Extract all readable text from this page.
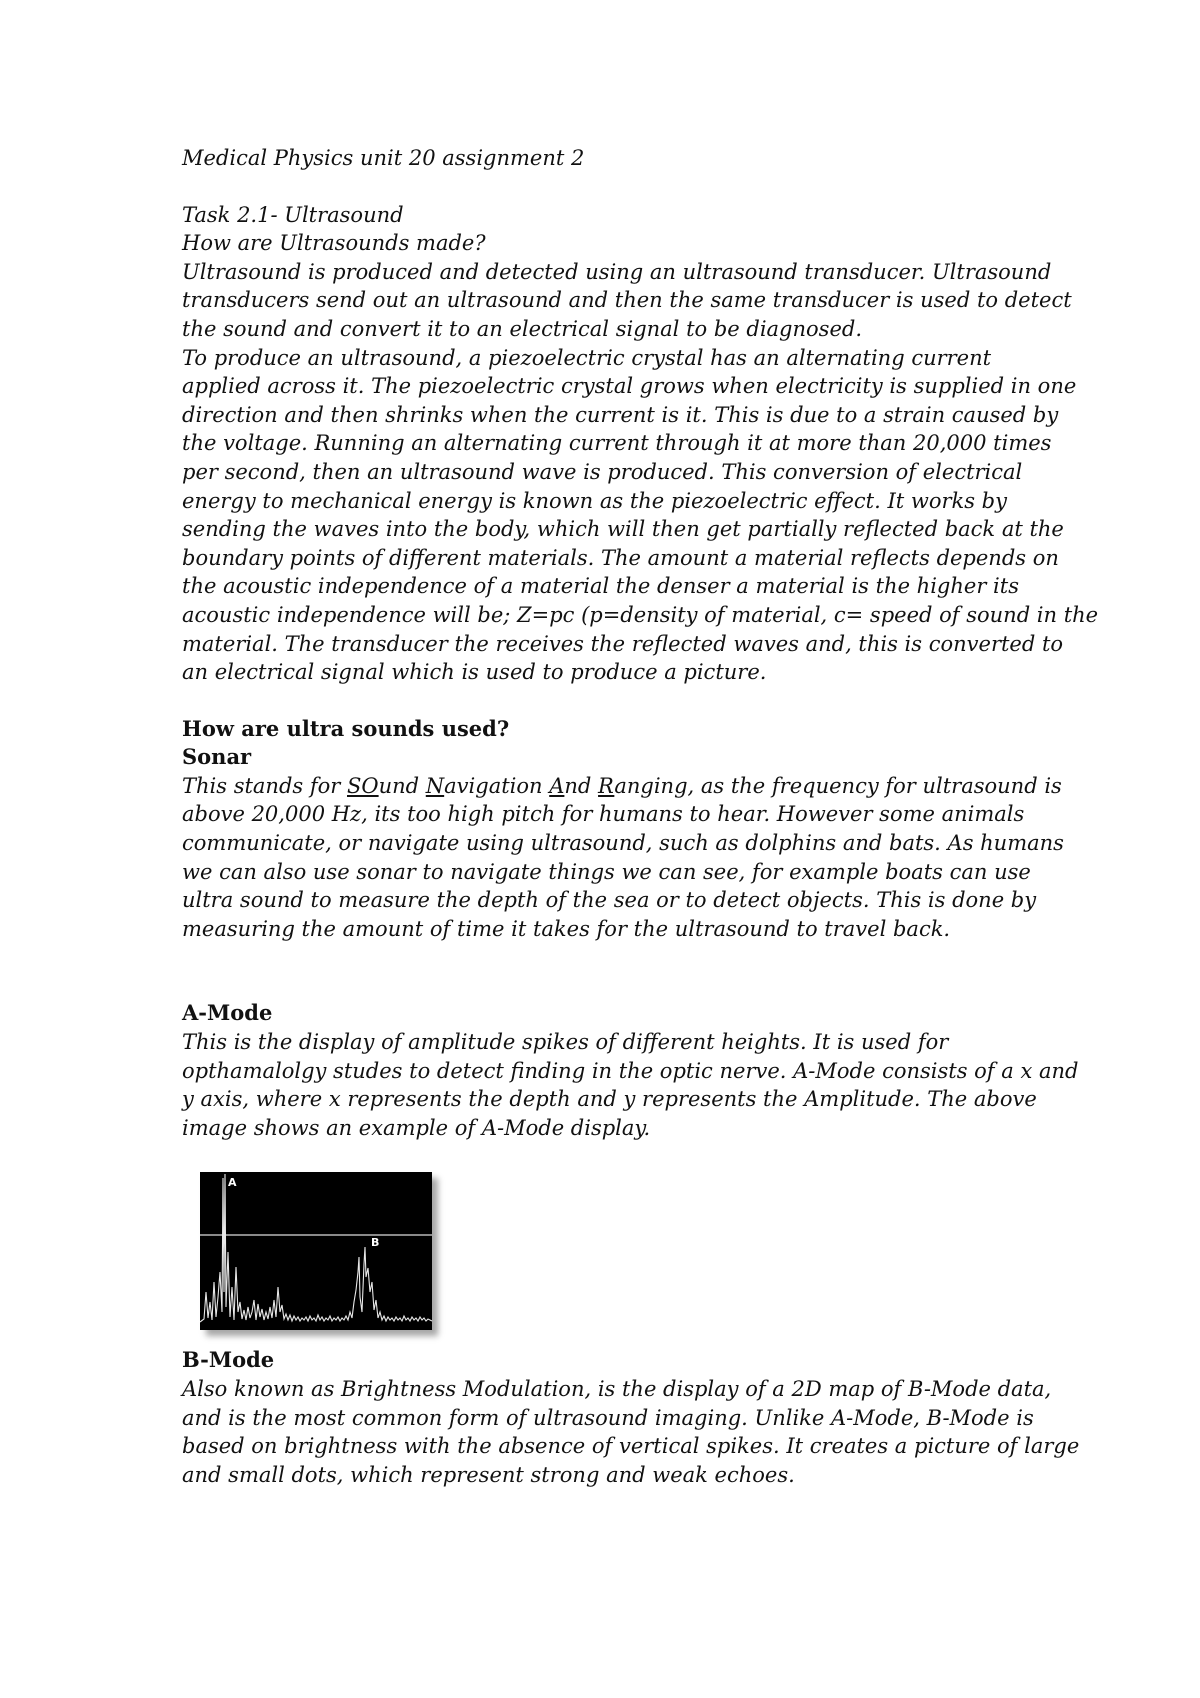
Medical Physics unit 20 assignment 2

Task 2.1- Ultrasound

How are Ultrasounds made?

Ultrasound is produced and detected using an ultrasound transducer. Ultrasound

transducers send out an ultrasound and then the same transducer is used to detect

the sound and convert it to an electrical signal to be diagnosed.

To produce an ultrasound, a piezoelectric crystal has an alternating current

applied across it. The piezoelectric crystal grows when electricity is supplied in one

direction and then shrinks when the current is it. This is due to a strain caused by

the voltage. Running an alternating current through it at more than 20,000 times

per second, then an ultrasound wave is produced. This conversion of electrical

energy to mechanical energy is known as the piezoelectric effect. It works by

sending the waves into the body, which will then get partially reflected back at the

boundary points of different materials. The amount a material reflects depends on

the acoustic independence of a material the denser a material is the higher its

acoustic independence will be; Z=pc (p=density of material, c= speed of sound in the

material. The transducer the receives the reflected waves and, this is converted to

an electrical signal which is used to produce a picture.

How are ultra sounds used?

Sonar

This stands for SOund Navigation And Ranging, as the frequency for ultrasound is

above 20,000 Hz, its too high pitch for humans to hear. However some animals

communicate, or navigate using ultrasound, such as dolphins and bats. As humans

we can also use sonar to navigate things we can see, for example boats can use

ultra sound to measure the depth of the sea or to detect objects. This is done by

measuring the amount of time it takes for the ultrasound to travel back.

A-Mode

This is the display of amplitude spikes of different heights. It is used for

opthamalolgy studes to detect finding in the optic nerve. A-Mode consists of a x and

y axis, where x represents the depth and y represents the Amplitude. The above

image shows an example of A-Mode display.

A
B

B-Mode

Also known as Brightness Modulation, is the display of a 2D map of B-Mode data,

and is the most common form of ultrasound imaging. Unlike A-Mode, B-Mode is

based on brightness with the absence of vertical spikes. It creates a picture of large

and small dots, which represent strong and weak echoes.
